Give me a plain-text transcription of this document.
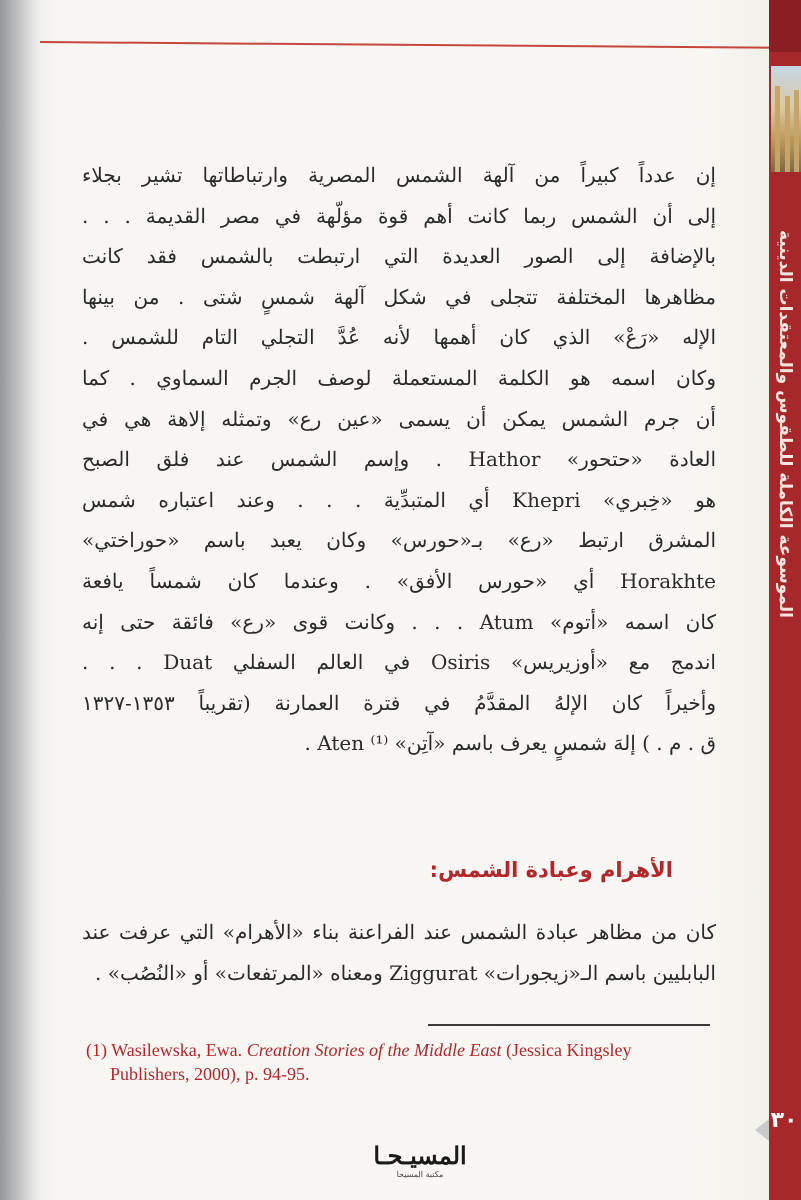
الموسوعة الكاملة للطقوس والمعتقدات الدينية
٣٠
إن عدداً كبيراً من آلهة الشمس المصرية وارتباطاتها تشير بجلاء
إلى أن الشمس ربما كانت أهم قوة مؤلّهة في مصر القديمة . . .
بالإضافة إلى الصور العديدة التي ارتبطت بالشمس فقد كانت
مظاهرها المختلفة تتجلى في شكل آلهة شمسٍ شتى . من بينها
الإله «رَعْ» الذي كان أهمها لأنه عُدَّ التجلي التام للشمس .
وكان اسمه هو الكلمة المستعملة لوصف الجرم السماوي . كما
أن جرم الشمس يمكن أن يسمى «عين رع» وتمثله إلاهة هي في
العادة «حتحور» Hathor . وإسم الشمس عند فلق الصبح
هو «خِبري» Khepri أي المتبدِّية . . . وعند اعتباره شمس
المشرق ارتبط «رع» بـ«حورس» وكان يعبد باسم «حوراختي»
Horakhte أي «حورس الأفق» . وعندما كان شمساً يافعة
كان اسمه «أتوم» Atum . . . وكانت قوى «رع» فائقة حتى إنه
اندمج مع «أوزيريس» Osiris في العالم السفلي Duat . . .
وأخيراً كان الإلهُ المقدَّمُ في فترة العمارنة (تقريباً ١٣٥٣-١٣٢٧
ق . م . ) إلهَ شمسٍ يعرف باسم «آتِن» Aten ⁽¹⁾ .
الأهرام وعبادة الشمس:
كان من مظاهر عبادة الشمس عند الفراعنة بناء «الأهرام» التي عرفت عند
البابليين باسم الـ«زيجورات» Ziggurat ومعناه «المرتفعات» أو «النُصُب» .
(1) Wasilewska, Ewa. Creation Stories of the Middle East (Jessica Kingsley
Publishers, 2000), p. 94-95.
المسيـحـا
مكتبة المسيحا
